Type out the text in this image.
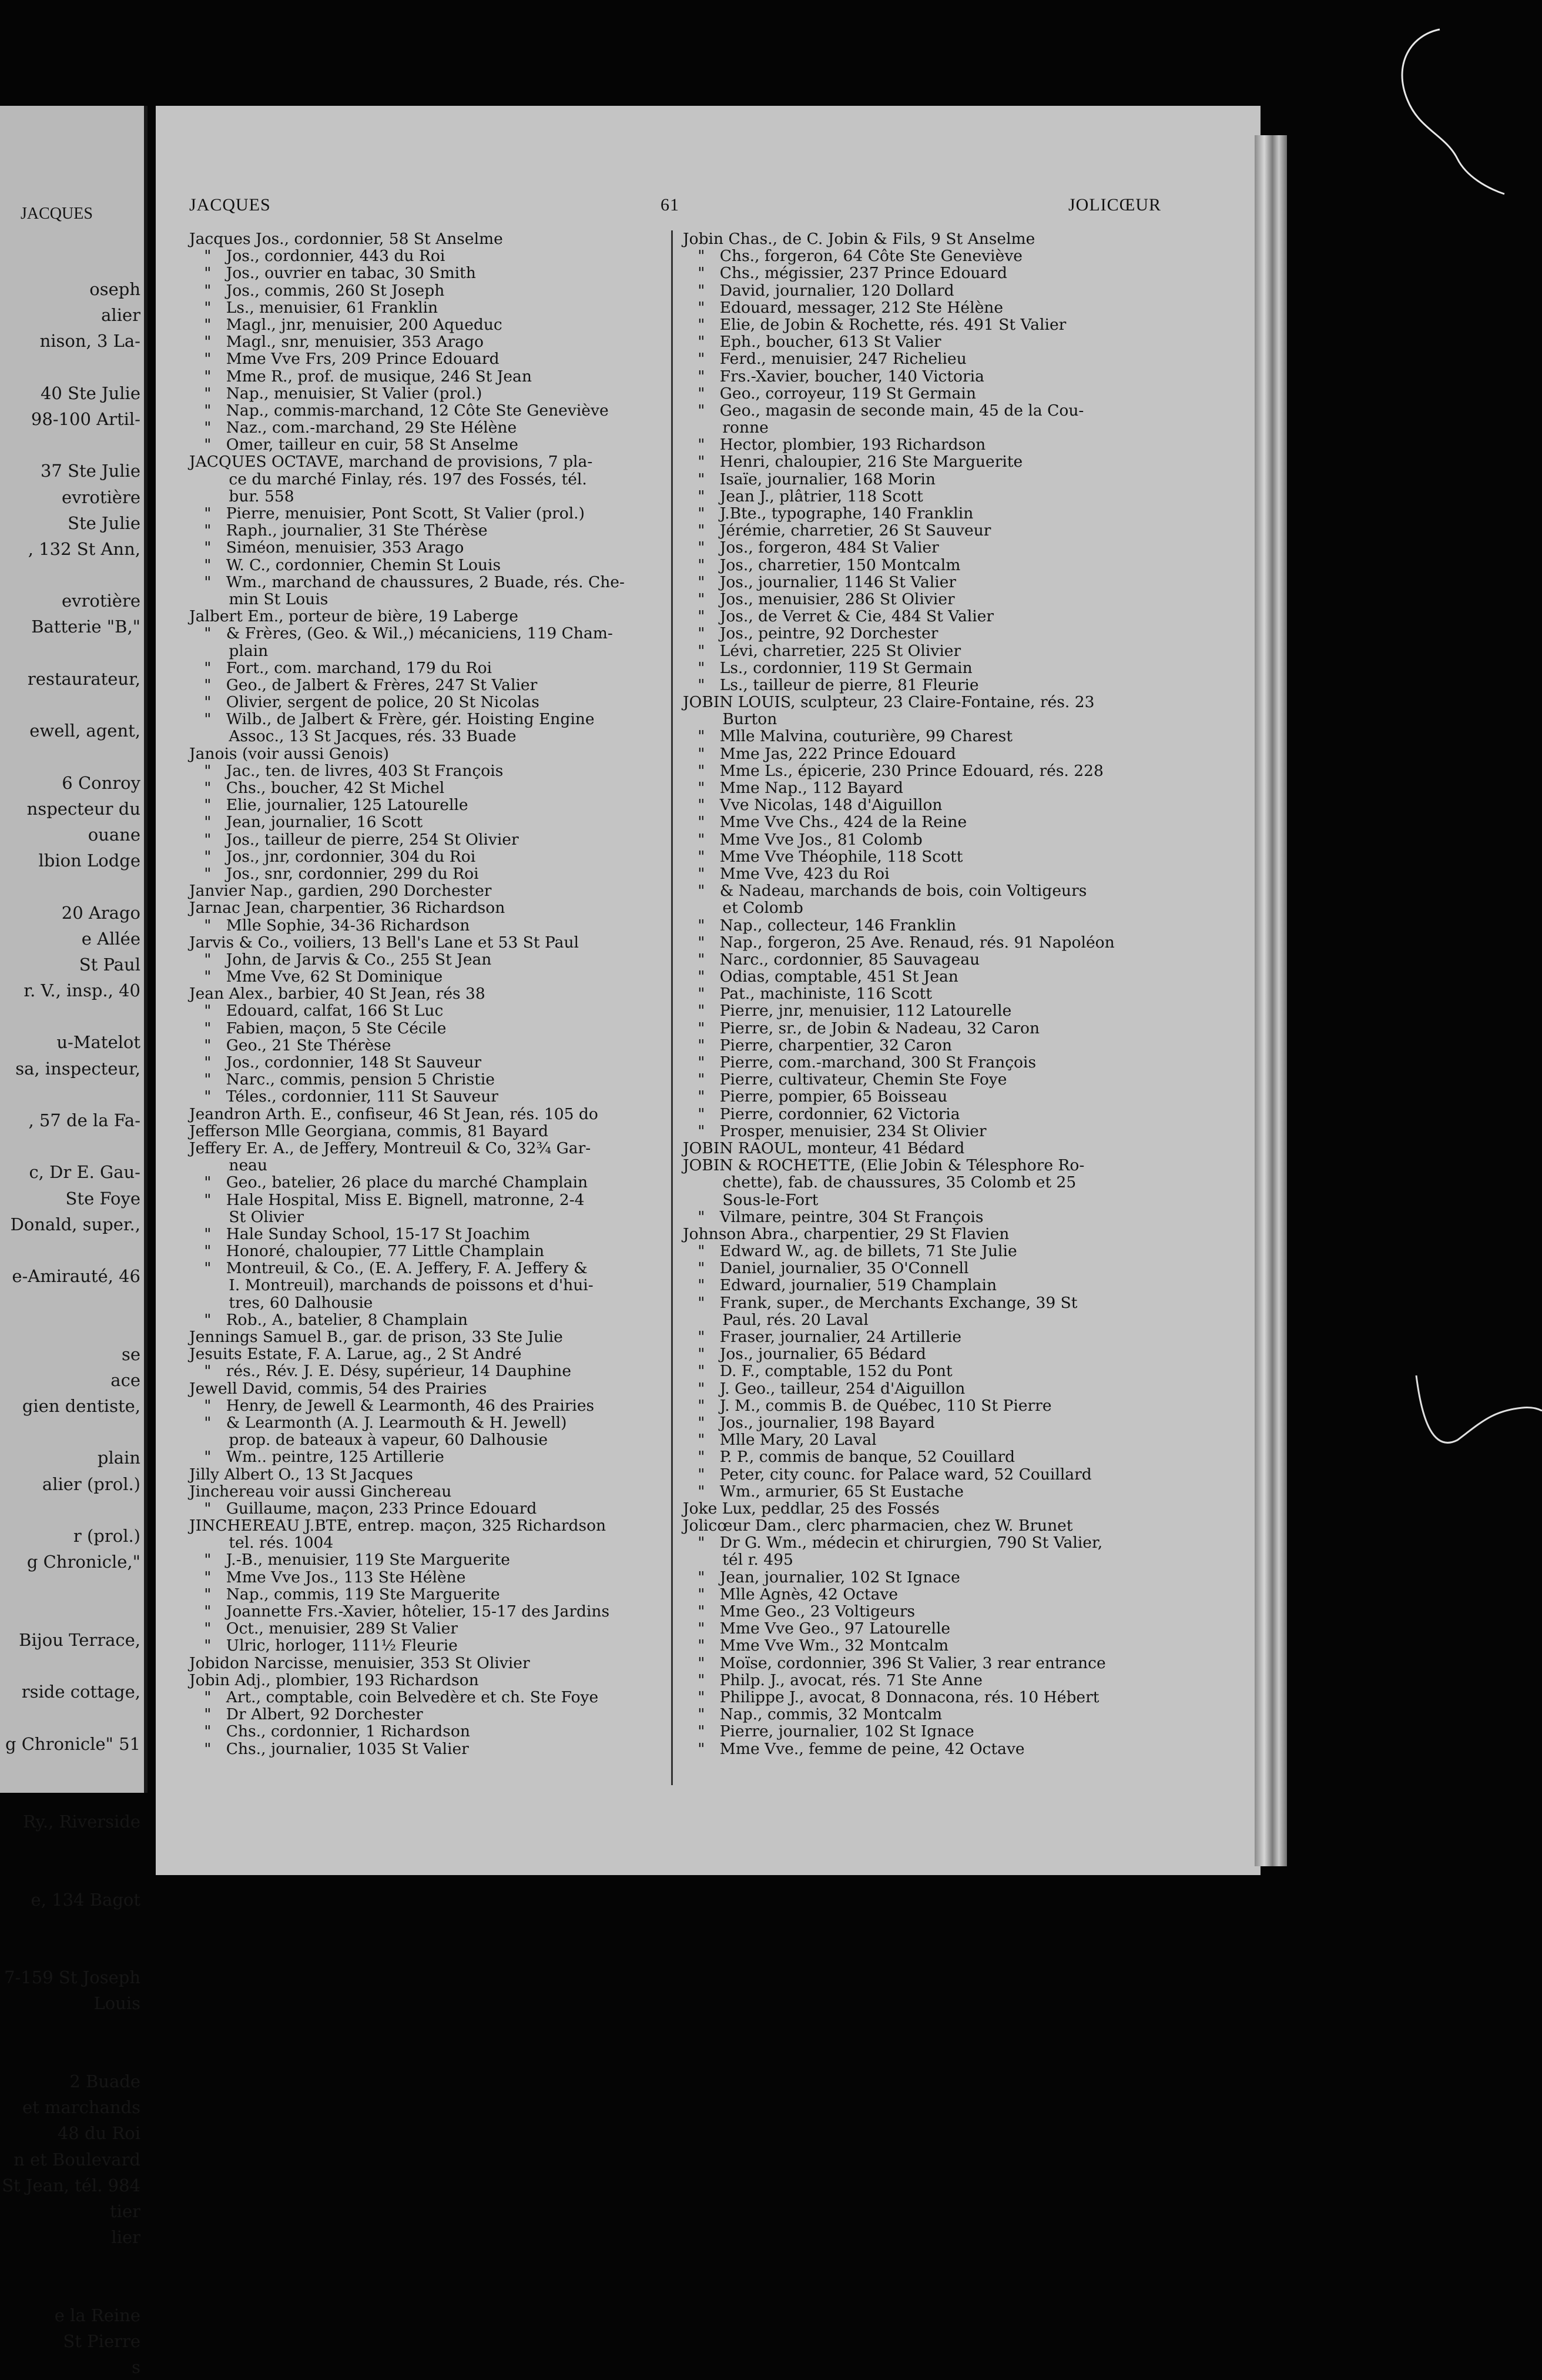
JACQUES
oseph
alier
nison, 3 La-
40 Ste Julie
98-100 Artil-
37 Ste Julie
evrotière
Ste Julie
, 132 St Ann,
evrotière
Batterie "B,"
restaurateur,
ewell, agent,
6 Conroy
nspecteur du
ouane
lbion Lodge
20 Arago
e Allée
St Paul
r. V., insp., 40
u-Matelot
sa, inspecteur,
, 57 de la Fa-
c, Dr E. Gau-
Ste Foye
Donald, super.,
e-Amirauté, 46
se
ace
gien dentiste,
plain
alier (prol.)
r (prol.)
g Chronicle,"
Bijou Terrace,
rside cottage,
g Chronicle" 51
Ry., Riverside
e, 134 Bagot
7-159 St Joseph
Louis
2 Buade
et marchands
48 du Roi
n et Boulevard
St Jean, tél. 984
tier
lier
e la Reine
St Pierre
s
JACQUES	61	JOLICŒUR
Jacques Jos., cordonnier, 58 St Anselme
"   Jos., cordonnier, 443 du Roi
"   Jos., ouvrier en tabac, 30 Smith
"   Jos., commis, 260 St Joseph
"   Ls., menuisier, 61 Franklin
"   Magl., jnr, menuisier, 200 Aqueduc
"   Magl., snr, menuisier, 353 Arago
"   Mme Vve Frs, 209 Prince Edouard
"   Mme R., prof. de musique, 246 St Jean
"   Nap., menuisier, St Valier (prol.)
"   Nap., commis-marchand, 12 Côte Ste Geneviève
"   Naz., com.-marchand, 29 Ste Hélène
"   Omer, tailleur en cuir, 58 St Anselme
JACQUES OCTAVE, marchand de provisions, 7 pla-
ce du marché Finlay, rés. 197 des Fossés, tél.
bur. 558
"   Pierre, menuisier, Pont Scott, St Valier (prol.)
"   Raph., journalier, 31 Ste Thérèse
"   Siméon, menuisier, 353 Arago
"   W. C., cordonnier, Chemin St Louis
"   Wm., marchand de chaussures, 2 Buade, rés. Che-
min St Louis
Jalbert Em., porteur de bière, 19 Laberge
"   & Frères, (Geo. & Wil.,) mécaniciens, 119 Cham-
plain
"   Fort., com. marchand, 179 du Roi
"   Geo., de Jalbert & Frères, 247 St Valier
"   Olivier, sergent de police, 20 St Nicolas
"   Wilb., de Jalbert & Frère, gér. Hoisting Engine
Assoc., 13 St Jacques, rés. 33 Buade
Janois (voir aussi Genois)
"   Jac., ten. de livres, 403 St François
"   Chs., boucher, 42 St Michel
"   Elie, journalier, 125 Latourelle
"   Jean, journalier, 16 Scott
"   Jos., tailleur de pierre, 254 St Olivier
"   Jos., jnr, cordonnier, 304 du Roi
"   Jos., snr, cordonnier, 299 du Roi
Janvier Nap., gardien, 290 Dorchester
Jarnac Jean, charpentier, 36 Richardson
"   Mlle Sophie, 34-36 Richardson
Jarvis & Co., voiliers, 13 Bell's Lane et 53 St Paul
"   John, de Jarvis & Co., 255 St Jean
"   Mme Vve, 62 St Dominique
Jean Alex., barbier, 40 St Jean, rés 38
"   Edouard, calfat, 166 St Luc
"   Fabien, maçon, 5 Ste Cécile
"   Geo., 21 Ste Thérèse
"   Jos., cordonnier, 148 St Sauveur
"   Narc., commis, pension 5 Christie
"   Téles., cordonnier, 111 St Sauveur
Jeandron Arth. E., confiseur, 46 St Jean, rés. 105 do
Jefferson Mlle Georgiana, commis, 81 Bayard
Jeffery Er. A., de Jeffery, Montreuil & Co, 32¾ Gar-
neau
"   Geo., batelier, 26 place du marché Champlain
"   Hale Hospital, Miss E. Bignell, matronne, 2-4
St Olivier
"   Hale Sunday School, 15-17 St Joachim
"   Honoré, chaloupier, 77 Little Champlain
"   Montreuil, & Co., (E. A. Jeffery, F. A. Jeffery &
I. Montreuil), marchands de poissons et d'hui-
tres, 60 Dalhousie
"   Rob., A., batelier, 8 Champlain
Jennings Samuel B., gar. de prison, 33 Ste Julie
Jesuits Estate, F. A. Larue, ag., 2 St André
"   rés., Rév. J. E. Désy, supérieur, 14 Dauphine
Jewell David, commis, 54 des Prairies
"   Henry, de Jewell & Learmonth, 46 des Prairies
"   & Learmonth (A. J. Learmouth & H. Jewell)
prop. de bateaux à vapeur, 60 Dalhousie
"   Wm.. peintre, 125 Artillerie
Jilly Albert O., 13 St Jacques
Jinchereau voir aussi Ginchereau
"   Guillaume, maçon, 233 Prince Edouard
JINCHEREAU J.BTE, entrep. maçon, 325 Richardson
tel. rés. 1004
"   J.-B., menuisier, 119 Ste Marguerite
"   Mme Vve Jos., 113 Ste Hélène
"   Nap., commis, 119 Ste Marguerite
"   Joannette Frs.-Xavier, hôtelier, 15-17 des Jardins
"   Oct., menuisier, 289 St Valier
"   Ulric, horloger, 111½ Fleurie
Jobidon Narcisse, menuisier, 353 St Olivier
Jobin Adj., plombier, 193 Richardson
"   Art., comptable, coin Belvedère et ch. Ste Foye
"   Dr Albert, 92 Dorchester
"   Chs., cordonnier, 1 Richardson
"   Chs., journalier, 1035 St Valier
Jobin Chas., de C. Jobin & Fils, 9 St Anselme
"   Chs., forgeron, 64 Côte Ste Geneviève
"   Chs., mégissier, 237 Prince Edouard
"   David, journalier, 120 Dollard
"   Edouard, messager, 212 Ste Hélène
"   Elie, de Jobin & Rochette, rés. 491 St Valier
"   Eph., boucher, 613 St Valier
"   Ferd., menuisier, 247 Richelieu
"   Frs.-Xavier, boucher, 140 Victoria
"   Geo., corroyeur, 119 St Germain
"   Geo., magasin de seconde main, 45 de la Cou-
ronne
"   Hector, plombier, 193 Richardson
"   Henri, chaloupier, 216 Ste Marguerite
"   Isaïe, journalier, 168 Morin
"   Jean J., plâtrier, 118 Scott
"   J.Bte., typographe, 140 Franklin
"   Jérémie, charretier, 26 St Sauveur
"   Jos., forgeron, 484 St Valier
"   Jos., charretier, 150 Montcalm
"   Jos., journalier, 1146 St Valier
"   Jos., menuisier, 286 St Olivier
"   Jos., de Verret & Cie, 484 St Valier
"   Jos., peintre, 92 Dorchester
"   Lévi, charretier, 225 St Olivier
"   Ls., cordonnier, 119 St Germain
"   Ls., tailleur de pierre, 81 Fleurie
JOBIN LOUIS, sculpteur, 23 Claire-Fontaine, rés. 23
Burton
"   Mlle Malvina, couturière, 99 Charest
"   Mme Jas, 222 Prince Edouard
"   Mme Ls., épicerie, 230 Prince Edouard, rés. 228
"   Mme Nap., 112 Bayard
"   Vve Nicolas, 148 d'Aiguillon
"   Mme Vve Chs., 424 de la Reine
"   Mme Vve Jos., 81 Colomb
"   Mme Vve Théophile, 118 Scott
"   Mme Vve, 423 du Roi
"   & Nadeau, marchands de bois, coin Voltigeurs
et Colomb
"   Nap., collecteur, 146 Franklin
"   Nap., forgeron, 25 Ave. Renaud, rés. 91 Napoléon
"   Narc., cordonnier, 85 Sauvageau
"   Odias, comptable, 451 St Jean
"   Pat., machiniste, 116 Scott
"   Pierre, jnr, menuisier, 112 Latourelle
"   Pierre, sr., de Jobin & Nadeau, 32 Caron
"   Pierre, charpentier, 32 Caron
"   Pierre, com.-marchand, 300 St François
"   Pierre, cultivateur, Chemin Ste Foye
"   Pierre, pompier, 65 Boisseau
"   Pierre, cordonnier, 62 Victoria
"   Prosper, menuisier, 234 St Olivier
JOBIN RAOUL, monteur, 41 Bédard
JOBIN & ROCHETTE, (Elie Jobin & Télesphore Ro-
chette), fab. de chaussures, 35 Colomb et 25
Sous-le-Fort
"   Vilmare, peintre, 304 St François
Johnson Abra., charpentier, 29 St Flavien
"   Edward W., ag. de billets, 71 Ste Julie
"   Daniel, journalier, 35 O'Connell
"   Edward, journalier, 519 Champlain
"   Frank, super., de Merchants Exchange, 39 St
Paul, rés. 20 Laval
"   Fraser, journalier, 24 Artillerie
"   Jos., journalier, 65 Bédard
"   D. F., comptable, 152 du Pont
"   J. Geo., tailleur, 254 d'Aiguillon
"   J. M., commis B. de Québec, 110 St Pierre
"   Jos., journalier, 198 Bayard
"   Mlle Mary, 20 Laval
"   P. P., commis de banque, 52 Couillard
"   Peter, city counc. for Palace ward, 52 Couillard
"   Wm., armurier, 65 St Eustache
Joke Lux, peddlar, 25 des Fossés
Jolicœur Dam., clerc pharmacien, chez W. Brunet
"   Dr G. Wm., médecin et chirurgien, 790 St Valier,
tél r. 495
"   Jean, journalier, 102 St Ignace
"   Mlle Agnès, 42 Octave
"   Mme Geo., 23 Voltigeurs
"   Mme Vve Geo., 97 Latourelle
"   Mme Vve Wm., 32 Montcalm
"   Moïse, cordonnier, 396 St Valier, 3 rear entrance
"   Philp. J., avocat, rés. 71 Ste Anne
"   Philippe J., avocat, 8 Donnacona, rés. 10 Hébert
"   Nap., commis, 32 Montcalm
"   Pierre, journalier, 102 St Ignace
"   Mme Vve., femme de peine, 42 Octave
